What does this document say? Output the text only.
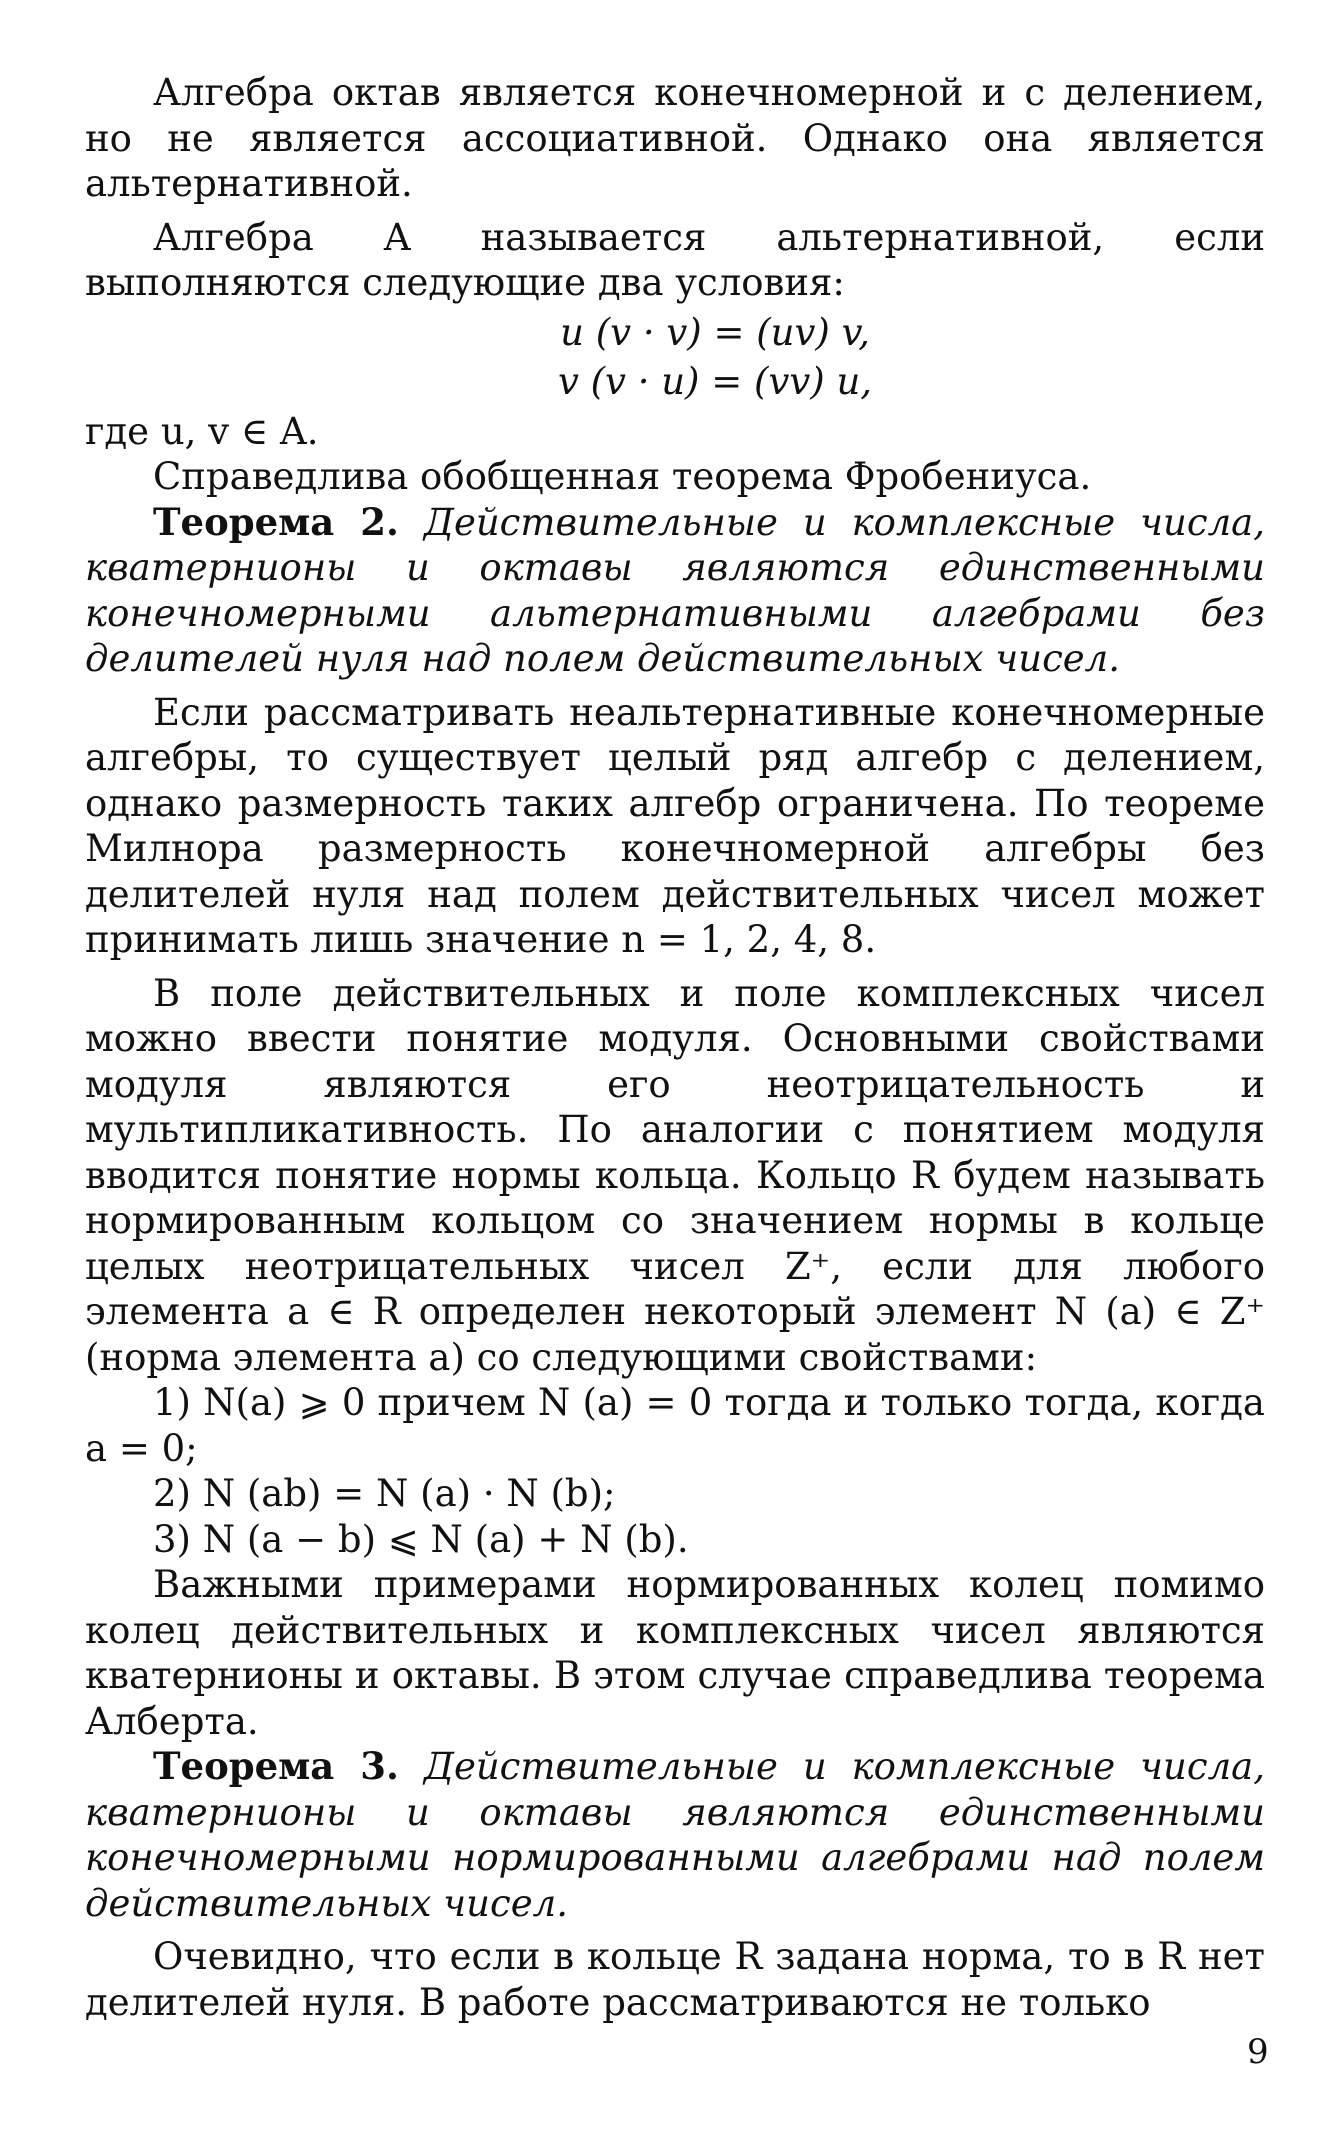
Алгебра октав является конечномерной и с делением, но не является ассоциативной. Однако она является альтернативной.

Алгебра A называется альтернативной, если выполняются следующие два условия:

u (v · v) = (uv) v,
v (v · u) = (vv) u,

где u, v ∈ A.

Справедлива обобщенная теорема Фробениуса.

Теорема 2. Действительные и комплексные числа, кватернионы и октавы являются единственными конечномерными альтернативными алгебрами без делителей нуля над полем действительных чисел.

Если рассматривать неальтернативные конечномерные алгебры, то существует целый ряд алгебр с делением, однако размерность таких алгебр ограничена. По теореме Милнора размерность конечномерной алгебры без делителей нуля над полем действительных чисел может принимать лишь значение n = 1, 2, 4, 8.

В поле действительных и поле комплексных чисел можно ввести понятие модуля. Основными свойствами модуля являются его неотрицательность и мультипликативность. По аналогии с понятием модуля вводится понятие нормы кольца. Кольцо R будем называть нормированным кольцом со значением нормы в кольце целых неотрицательных чисел Z⁺, если для любого элемента a ∈ R определен некоторый элемент N (a) ∈ Z⁺ (норма элемента a) со следующими свойствами:

1) N(a) ⩾ 0 причем N (a) = 0 тогда и только тогда, когда a = 0;

2) N (ab) = N (a) · N (b);

3) N (a − b) ⩽ N (a) + N (b).

Важными примерами нормированных колец помимо колец действительных и комплексных чисел являются кватернионы и октавы. В этом случае справедлива теорема Алберта.

Теорема 3. Действительные и комплексные числа, кватернионы и октавы являются единственными конечномерными нормированными алгебрами над полем действительных чисел.

Очевидно, что если в кольце R задана норма, то в R нет делителей нуля. В работе рассматриваются не только

9
